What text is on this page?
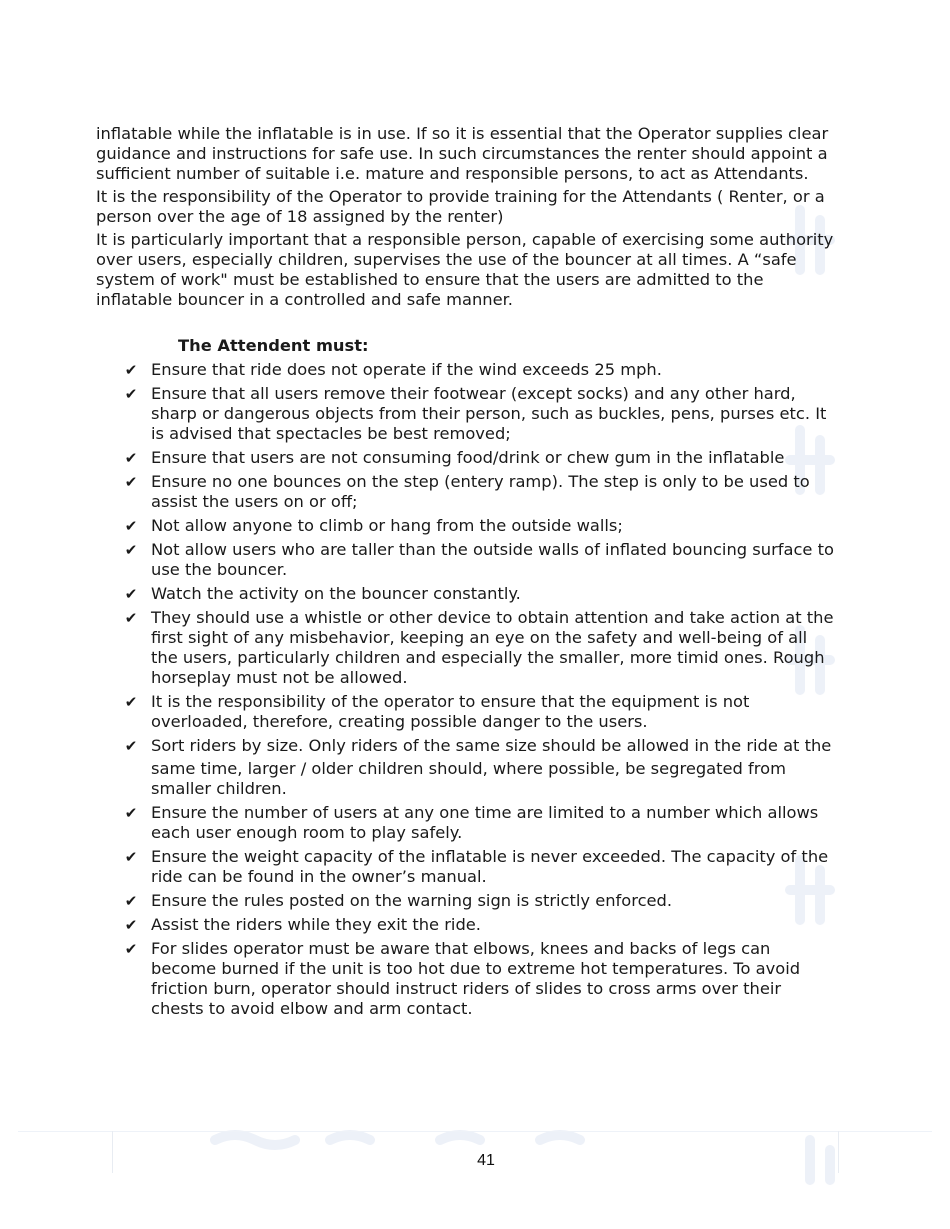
inflatable while the inflatable is in use. If so it is essential that the Operator supplies clear guidance and instructions for safe use. In such circumstances the renter should appoint a sufficient number of suitable i.e. mature and responsible persons, to act as Attendants.

It is the responsibility of the Operator to provide training for the Attendants ( Renter, or a person over the age of 18 assigned by the renter)

It is particularly important that a responsible person, capable of exercising some authority over users, especially children, supervises the use of the bouncer at all times. A “safe system of work" must be established to ensure that the users are admitted to the inflatable bouncer in a controlled and safe manner.

The Attendent must:
✔ Ensure that ride does not operate if the wind exceeds 25 mph.
✔ Ensure that all users remove their footwear (except socks) and any other hard, sharp or dangerous objects from their person, such as buckles, pens, purses etc. It is advised that spectacles be best removed;
✔ Ensure that users are not consuming food/drink or chew gum in the inflatable
✔ Ensure no one bounces on the step (entery ramp). The step is only to be used to assist the users on or off;
✔ Not allow anyone to climb or hang from the outside walls;
✔ Not allow users who are taller than the outside walls of inflated bouncing surface to use the bouncer.
✔ Watch the activity on the bouncer constantly.
✔ They should use a whistle or other device to obtain attention and take action at the first sight of any misbehavior, keeping an eye on the safety and well-being of all the users, particularly children and especially the smaller, more timid ones. Rough horseplay must not be allowed.
✔ It is the responsibility of the operator to ensure that the equipment is not overloaded, therefore, creating possible danger to the users.
✔ Sort riders by size. Only riders of the same size should be allowed in the ride at the
same time, larger / older children should, where possible, be segregated from smaller children.
✔ Ensure the number of users at any one time are limited to a number which allows each user enough room to play safely.
✔ Ensure the weight capacity of the inflatable is never exceeded. The capacity of the ride can be found in the owner’s manual.
✔ Ensure the rules posted on the warning sign is strictly enforced.
✔ Assist the riders while they exit the ride.
✔ For slides operator must be aware that elbows, knees and backs of legs can become burned if the unit is too hot due to extreme hot temperatures. To avoid friction burn, operator should instruct riders of slides to cross arms over their chests to avoid elbow and arm contact.
41
